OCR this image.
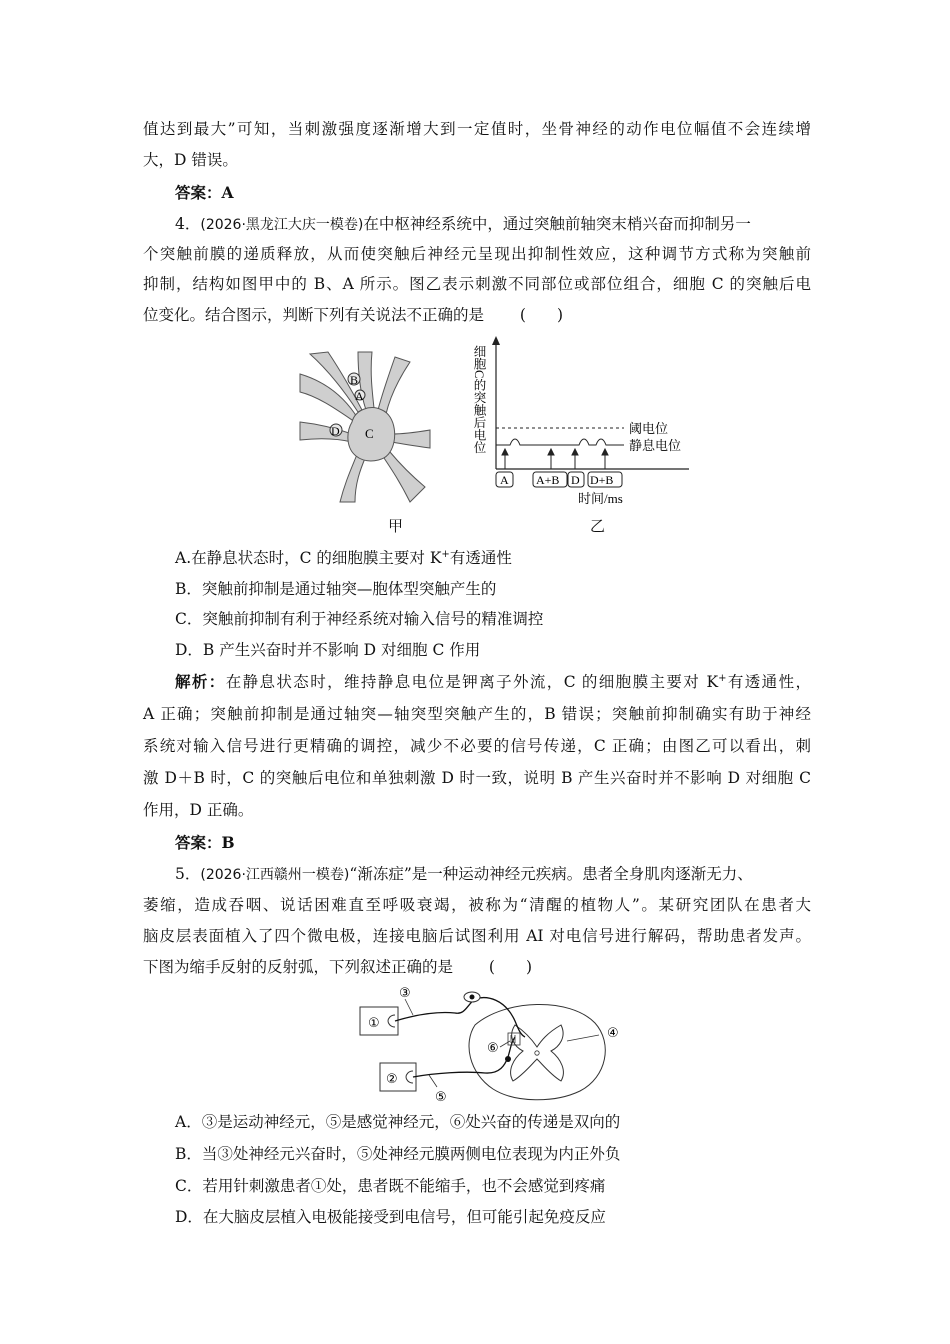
值达到最大”可知，当刺激强度逐渐增大到一定值时，坐骨神经的动作电位幅值不会连续增
大，D 错误。
答案：A
4．(2026·黑龙江大庆一模卷)在中枢神经系统中，通过突触前轴突末梢兴奋而抑制另一
个突触前膜的递质释放，从而使突触后神经元呈现出抑制性效应，这种调节方式称为突触前
抑制，结构如图甲中的 B、A 所示。图乙表示刺激不同部位或部位组合，细胞 C 的突触后电
位变化。结合图示，判断下列有关说法不正确的是　　 (　　)
B
A
D C
甲
细胞C的突触后电位	阈电位
静息电位
A A+B D D+B
时间/ms
乙
A.在静息状态时，C 的细胞膜主要对 K+有透通性
B．突触前抑制是通过轴突—胞体型突触产生的
C．突触前抑制有利于神经系统对输入信号的精准调控
D．B 产生兴奋时并不影响 D 对细胞 C 作用
解析：在静息状态时，维持静息电位是钾离子外流，C 的细胞膜主要对 K+有透通性，
A 正确；突触前抑制是通过轴突—轴突型突触产生的，B 错误；突触前抑制确实有助于神经
系统对输入信号进行更精确的调控，减少不必要的信号传递，C 正确；由图乙可以看出，刺
激 D＋B 时，C 的突触后电位和单独刺激 D 时一致，说明 B 产生兴奋时并不影响 D 对细胞 C
作用，D 正确。
答案：B
5．(2026·江西赣州一模卷)“渐冻症”是一种运动神经元疾病。患者全身肌肉逐渐无力、
萎缩，造成吞咽、说话困难直至呼吸衰竭，被称为“清醒的植物人”。某研究团队在患者大
脑皮层表面植入了四个微电极，连接电脑后试图利用 AI 对电信号进行解码，帮助患者发声。
下图为缩手反射的反射弧，下列叙述正确的是　　 (　　)
③
①
⑥
④
②
⑤
A．③是运动神经元，⑤是感觉神经元，⑥处兴奋的传递是双向的
B．当③处神经元兴奋时，⑤处神经元膜两侧电位表现为内正外负
C．若用针刺激患者①处，患者既不能缩手，也不会感觉到疼痛
D．在大脑皮层植入电极能接受到电信号，但可能引起免疫反应
